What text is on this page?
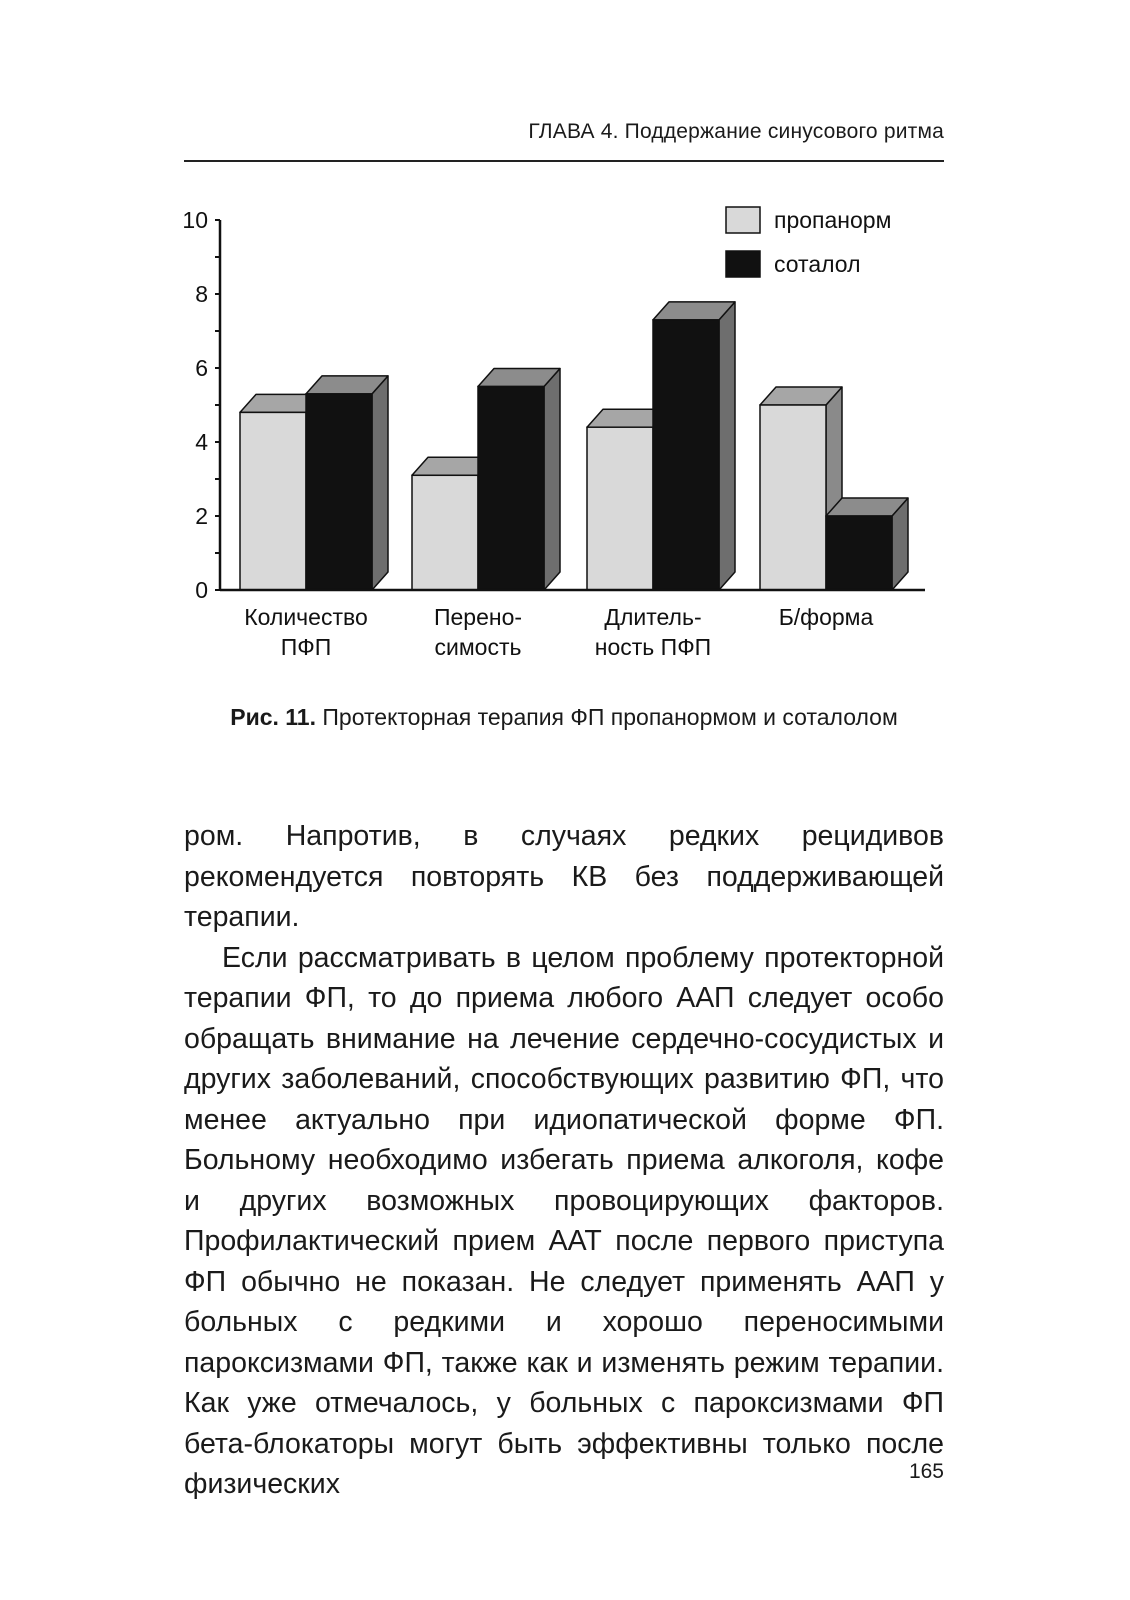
ГЛАВА 4. Поддержание синусового ритма
10
8
6
4
2
0
Количество ПФП
Перено-симость
Длитель-ность ПФП
Б/форма
пропанорм
соталол
Рис. 11. Протекторная терапия ФП пропанормом и соталолом

ром. Напротив, в случаях редких рецидивов рекомендуется повторять КВ без поддерживающей терапии.

Если рассматривать в целом проблему протекторной терапии ФП, то до приема любого ААП следует особо обращать внимание на лечение сердечно-сосудистых и других заболеваний, способствующих развитию ФП, что менее актуально при идиопатической форме ФП. Больному необходимо избегать приема алкоголя, кофе и других возможных провоцирующих факторов. Профилактический прием ААТ после первого приступа ФП обычно не показан. Не следует применять ААП у больных с редкими и хорошо переносимыми пароксизмами ФП, также как и изменять режим терапии. Как уже отмечалось, у больных с пароксизмами ФП бета-блокаторы могут быть эффективны только после физических	165
